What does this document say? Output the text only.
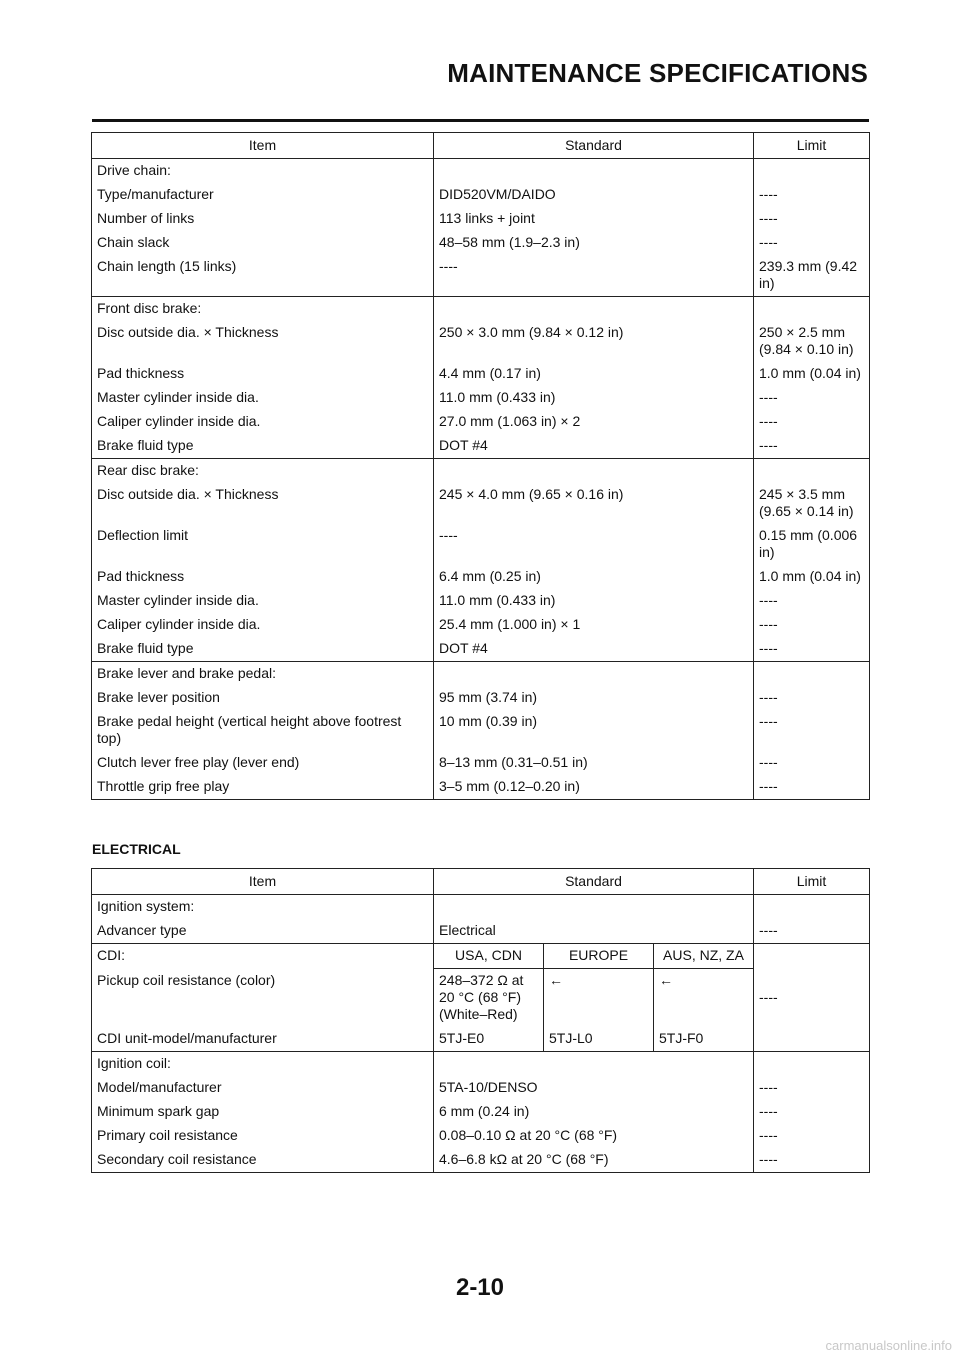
MAINTENANCE SPECIFICATIONS
Item	Standard	Limit
Drive chain:		
Type/manufacturer	DID520VM/DAIDO	----
Number of links	113 links + joint	----
Chain slack	48–58 mm (1.9–2.3 in)	----
Chain length (15 links)	----	239.3 mm (9.42 in)
Front disc brake:		
Disc outside dia. × Thickness	250 × 3.0 mm (9.84 × 0.12 in)	250 × 2.5 mm (9.84 × 0.10 in)
Pad thickness	4.4 mm (0.17 in)	1.0 mm (0.04 in)
Master cylinder inside dia.	11.0 mm (0.433 in)	----
Caliper cylinder inside dia.	27.0 mm (1.063 in) × 2	----
Brake fluid type	DOT #4	----
Rear disc brake:		
Disc outside dia. × Thickness	245 × 4.0 mm (9.65 × 0.16 in)	245 × 3.5 mm (9.65 × 0.14 in)
Deflection limit	----	0.15 mm (0.006 in)
Pad thickness	6.4 mm (0.25 in)	1.0 mm (0.04 in)
Master cylinder inside dia.	11.0 mm (0.433 in)	----
Caliper cylinder inside dia.	25.4 mm (1.000 in) × 1	----
Brake fluid type	DOT #4	----
Brake lever and brake pedal:		
Brake lever position	95 mm (3.74 in)	----
Brake pedal height (vertical height above footrest top)	10 mm (0.39 in)	----
Clutch lever free play (lever end)	8–13 mm (0.31–0.51 in)	----
Throttle grip free play	3–5 mm (0.12–0.20 in)	----
ELECTRICAL
Item	Standard			Limit
Ignition system:				
Advancer type	Electrical			----
CDI:	USA, CDN	EUROPE	AUS, NZ, ZA	----
Pickup coil resistance (color)	248–372 Ω at 20 °C (68 °F) (White–Red)	←	←	
CDI unit-model/manufacturer	5TJ-E0	5TJ-L0	5TJ-F0	
Ignition coil:				
Model/manufacturer	5TA-10/DENSO			----
Minimum spark gap	6 mm (0.24 in)			----
Primary coil resistance	0.08–0.10 Ω at 20 °C (68 °F)			----
Secondary coil resistance	4.6–6.8 kΩ at 20 °C (68 °F)			----
2-10
carmanualsonline.info
